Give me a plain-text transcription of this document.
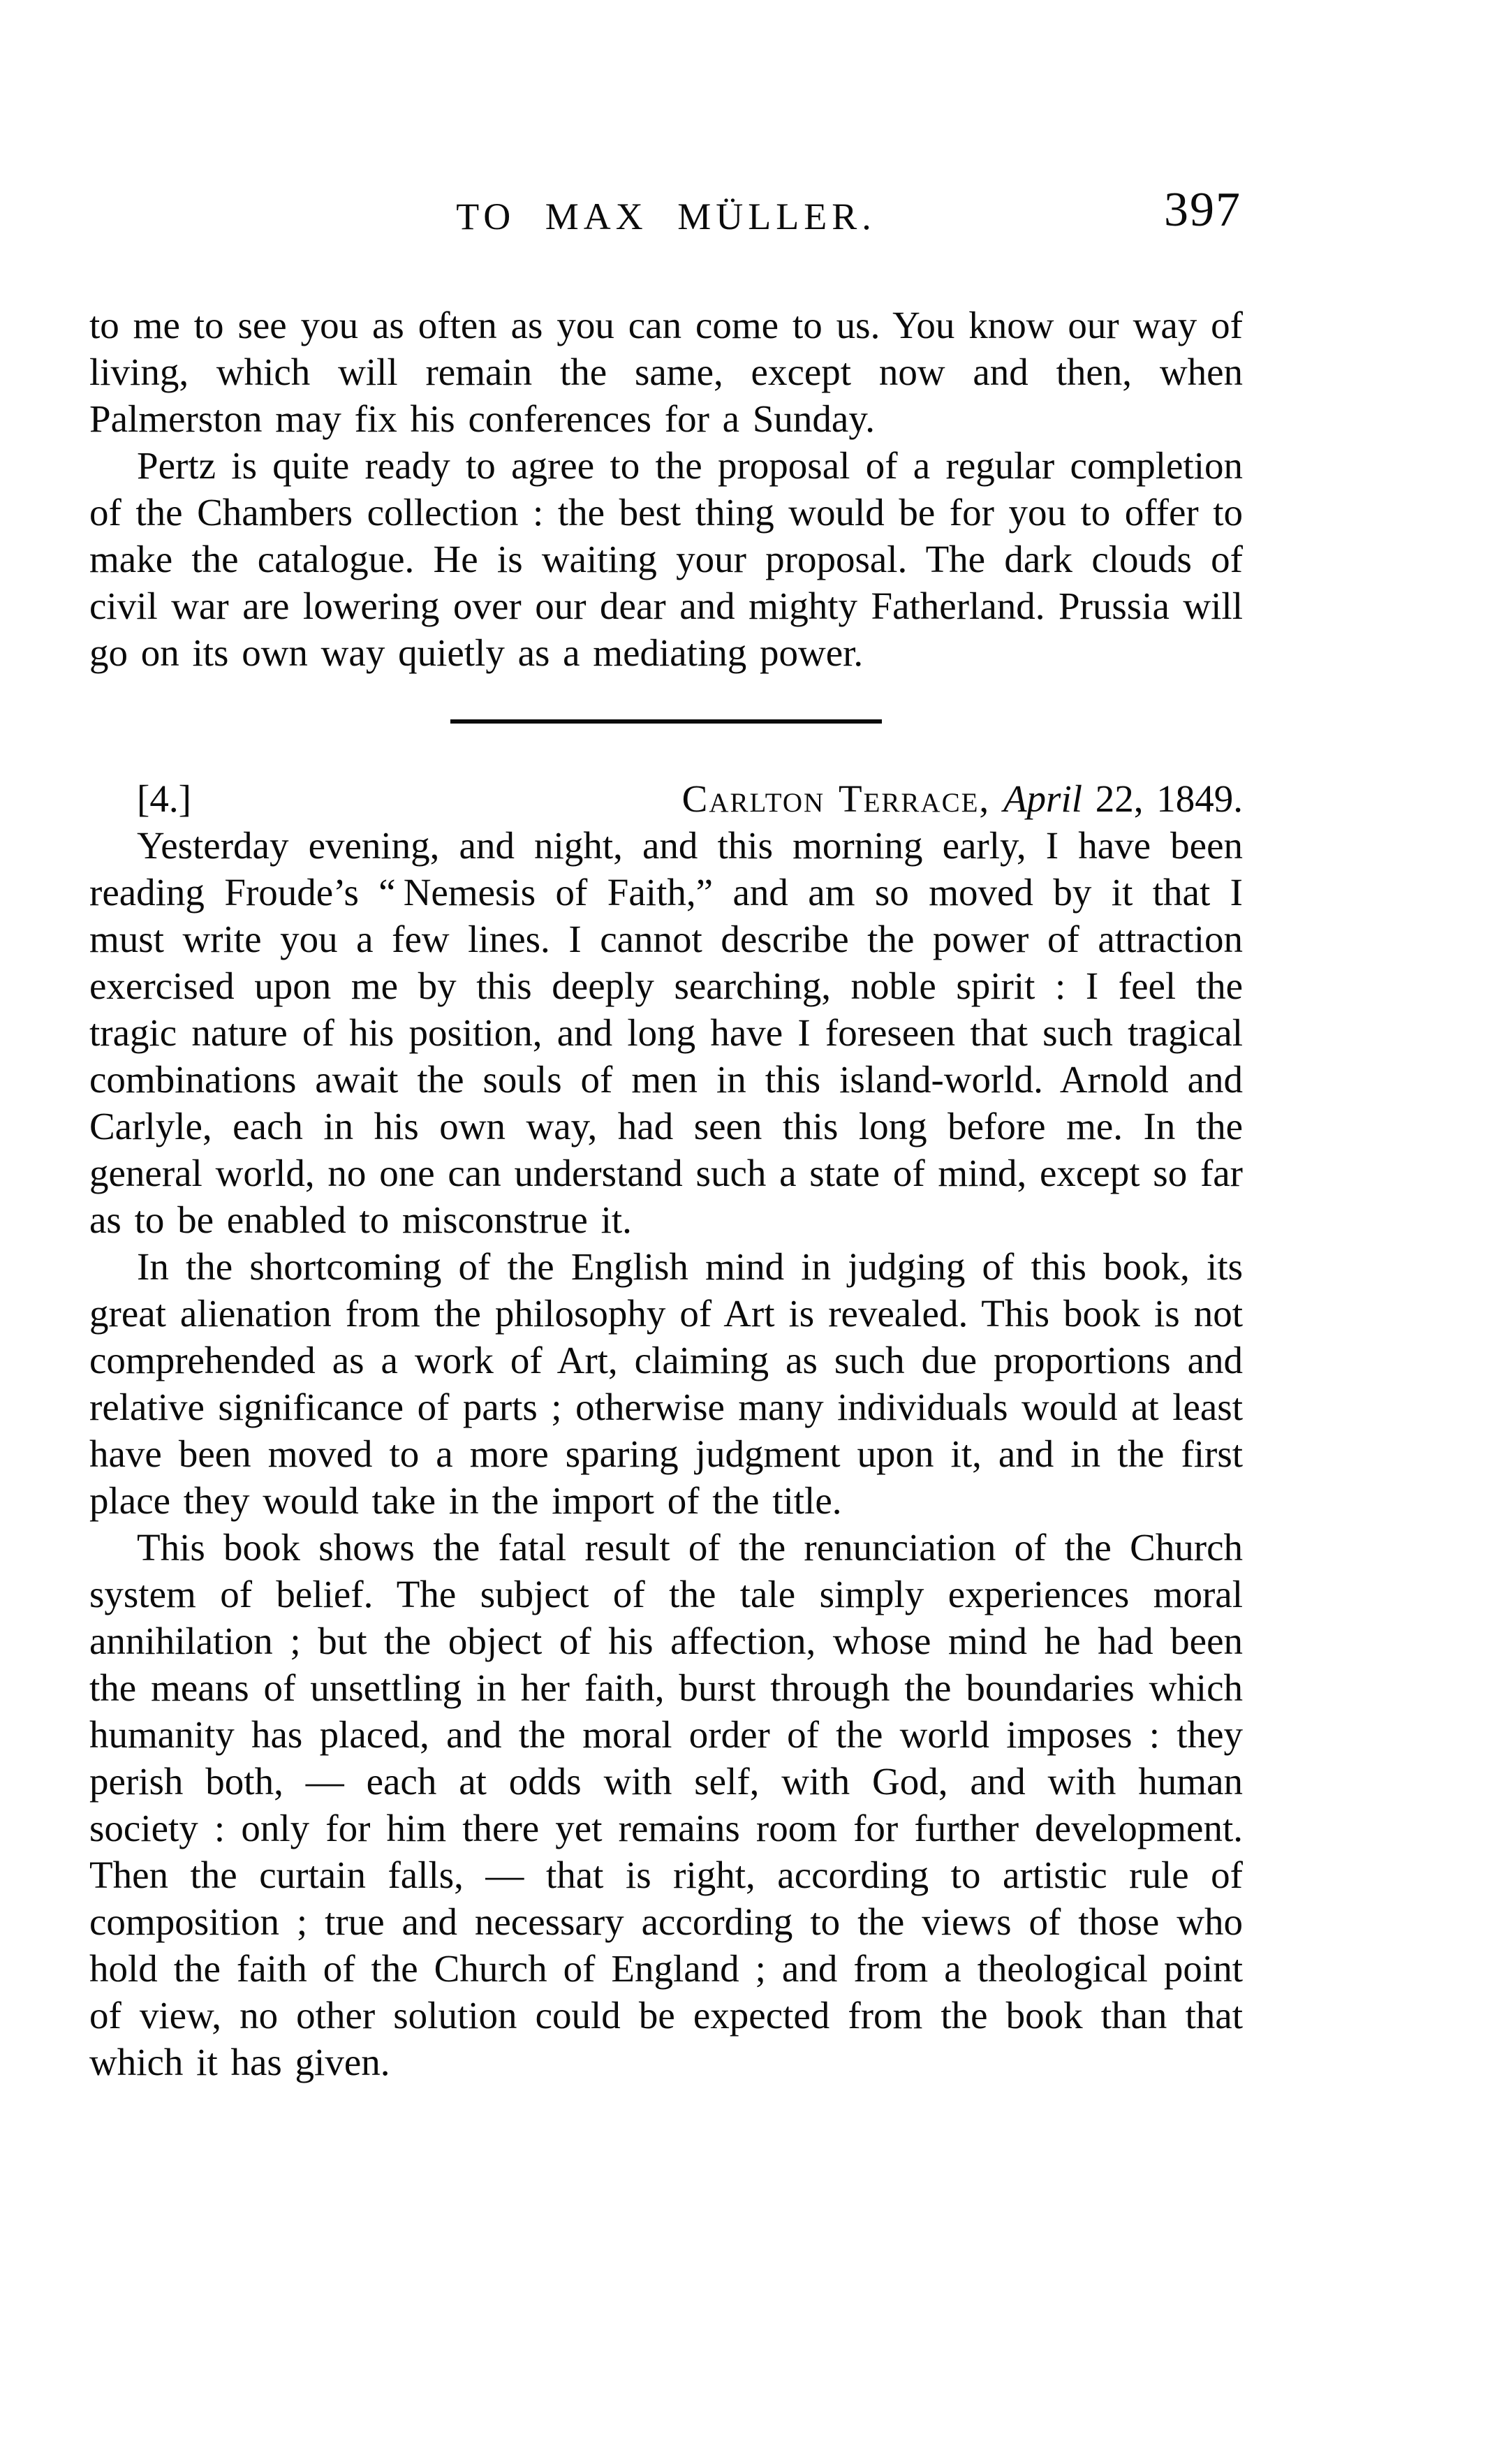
TO MAX MÜLLER.	397

to me to see you as often as you can come to us. You know our way of living, which will remain the same, except now and then, when Palmerston may fix his conferences for a Sunday.

Pertz is quite ready to agree to the proposal of a regular completion of the Chambers collection : the best thing would be for you to offer to make the catalogue. He is waiting your proposal. The dark clouds of civil war are lowering over our dear and mighty Fatherland. Prussia will go on its own way quietly as a mediating power.

[4.]	Carlton Terrace, April 22, 1849.

Yesterday evening, and night, and this morning early, I have been reading Froude’s “ Nemesis of Faith,” and am so moved by it that I must write you a few lines. I cannot describe the power of attraction exercised upon me by this deeply searching, noble spirit : I feel the tragic nature of his position, and long have I foreseen that such tragical combinations await the souls of men in this island-world. Arnold and Carlyle, each in his own way, had seen this long before me. In the general world, no one can understand such a state of mind, except so far as to be enabled to misconstrue it.

In the shortcoming of the English mind in judging of this book, its great alienation from the philosophy of Art is revealed. This book is not comprehended as a work of Art, claiming as such due proportions and relative significance of parts ; otherwise many individuals would at least have been moved to a more sparing judgment upon it, and in the first place they would take in the import of the title.

This book shows the fatal result of the renunciation of the Church system of belief. The subject of the tale simply experiences moral annihilation ; but the object of his affection, whose mind he had been the means of unsettling in her faith, burst through the boundaries which humanity has placed, and the moral order of the world imposes : they perish both, — each at odds with self, with God, and with human society : only for him there yet remains room for further development. Then the curtain falls, — that is right, according to artistic rule of composition ; true and necessary according to the views of those who hold the faith of the Church of England ; and from a theological point of view, no other solution could be expected from the book than that which it has given.
